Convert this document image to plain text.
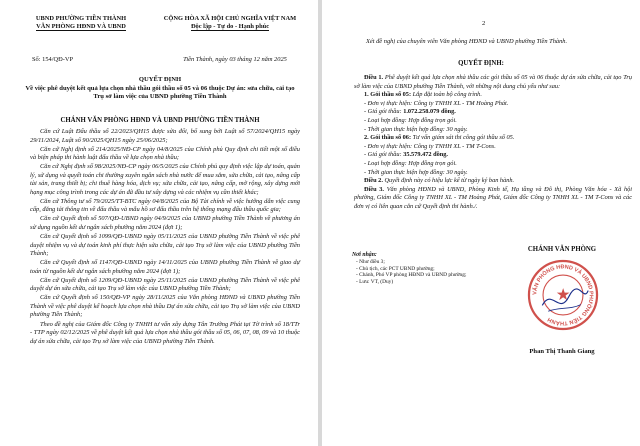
UBND PHƯỜNG TIỀN THÀNH
VĂN PHÒNG HĐND VÀ UBND
CỘNG HÒA XÃ HỘI CHỦ NGHĨA VIỆT NAM
Độc lập - Tự do - Hạnh phúc
Số: 154/QĐ-VP	Tiền Thành, ngày 03 tháng 12 năm 2025
QUYẾT ĐỊNH
Về việc phê duyệt kết quả lựa chọn nhà thầu gói thầu số 05 và 06 thuộc Dự án: sửa chữa, cải tạo Trụ sở làm việc của UBND phường Tiền Thành
CHÁNH VĂN PHÒNG HĐND VÀ UBND PHƯỜNG TIỀN THÀNH

Căn cứ Luật Đấu thầu số 22/2023/QH15 được sửa đổi, bổ sung bởi Luật số 57/2024/QH15 ngày 29/11/2024, Luật số 90/2025/QH15 ngày 25/06/2025;

Căn cứ Nghị định số 214/2025/NĐ-CP ngày 04/8/2025 của Chính phủ Quy định chi tiết một số điều và biện pháp thi hành luật đấu thầu về lựa chọn nhà thầu;

Căn cứ Nghị định số 98/2025/NĐ-CP ngày 06/5/2025 của Chính phủ quy định việc lập dự toán, quản lý, sử dụng và quyết toán chi thường xuyên ngân sách nhà nước để mua sắm, sửa chữa, cải tạo, nâng cấp tài sản, trang thiết bị; chi thuê hàng hóa, dịch vụ; sửa chữa, cải tạo, nâng cấp, mở rộng, xây dựng mới hạng mục công trình trong các dự án đã đầu tư xây dựng và các nhiệm vụ cần thiết khác;

Căn cứ Thông tư số 79/2025/TT-BTC ngày 04/8/2025 của Bộ Tài chính về việc hướng dẫn việc cung cấp, đăng tải thông tin về đấu thầu và mẫu hồ sơ đấu thầu trên hệ thống mạng đấu thầu quốc gia;

Căn cứ Quyết định số 507/QĐ-UBND ngày 04/9/2025 của UBND phường Tiền Thành về phương án sử dụng nguồn kết dư ngân sách phường năm 2024 (đợt 1);

Căn cứ Quyết định số 1099/QĐ-UBND ngày 05/11/2025 của UBND phường Tiền Thành về việc phê duyệt nhiệm vụ và dự toán kinh phí thực hiện sửa chữa, cải tạo Trụ sở làm việc của UBND phường Tiền Thành;

Căn cứ Quyết định số 1147/QĐ-UBND ngày 14/11/2025 của UBND phường Tiền Thành về giao dự toán từ nguồn kết dư ngân sách phường năm 2024 (đợt 1);

Căn cứ Quyết định số 1209/QĐ-UBND ngày 25/11/2025 của UBND phường Tiền Thành về việc phê duyệt dự án sửa chữa, cải tạo Trụ sở làm việc của UBND phường Tiền Thành;

Căn cứ Quyết định số 150/QĐ-VP ngày 28/11/2025 của Văn phòng HĐND và UBND phường Tiền Thành về việc phê duyệt kế hoạch lựa chọn nhà thầu Dự án sửa chữa, cải tạo Trụ sở làm việc của UBND phường Tiền Thành;

Theo đề nghị của Giám đốc Công ty TNHH tư vấn xây dựng Tân Trường Phát tại Tờ trình số 18/TTr - TTP ngày 02/12/2025 về phê duyệt kết quả lựa chọn nhà thầu gói thầu số 05, 06, 07, 08, 09 và 10 thuộc dự án sửa chữa, cải tạo Trụ sở làm việc của UBND phường Tiền Thành.

2
Xét đề nghị của chuyên viên Văn phòng HĐND và UBND phường Tiền Thành.
QUYẾT ĐỊNH:

Điều 1. Phê duyệt kết quả lựa chọn nhà thầu các gói thầu số 05 và 06 thuộc dự án sửa chữa, cải tạo Trụ sở làm việc của UBND phường Tiền Thành, với những nội dung chủ yếu như sau:

1. Gói thầu số 05: Lắp đặt toàn bộ công trình.

- Đơn vị thực hiện: Công ty TNHH XL - TM Hoàng Phát.

- Giá gói thầu: 1.072.258.079 đồng.

- Loại hợp đồng: Hợp đồng trọn gói.

- Thời gian thực hiện hợp đồng: 30 ngày.

2. Gói thầu số 06: Tư vấn giám sát thi công gói thầu số 05.

- Đơn vị thực hiện: Công ty TNHH XL - TM T-Cons.

- Giá gói thầu: 35.579.472 đồng.

- Loại hợp đồng: Hợp đồng trọn gói.

- Thời gian thực hiện hợp đồng: 30 ngày.

Điều 2. Quyết định này có hiệu lực kể từ ngày ký ban hành.

Điều 3. Văn phòng HĐND và UBND, Phòng Kinh tế, Hạ tầng và Đô thị, Phòng Văn hóa - Xã hội phường, Giám đốc Công ty TNHH XL - TM Hoàng Phát, Giám đốc Công ty TNHH XL - TM T-Cons và các đơn vị có liên quan căn cứ Quyết định thi hành./.

Nơi nhận:
- Như điều 3;
- Chủ tịch, các PCT UBND phường;
- Chánh, Phó VP phòng HĐND và UBND phường;
- Lưu: VT, (Duy)
CHÁNH VĂN PHÒNG
VĂN PHÒNG HĐND VÀ UBND PHƯỜNG TIỀN THÀNH
★
Phan Thị Thanh Giang
